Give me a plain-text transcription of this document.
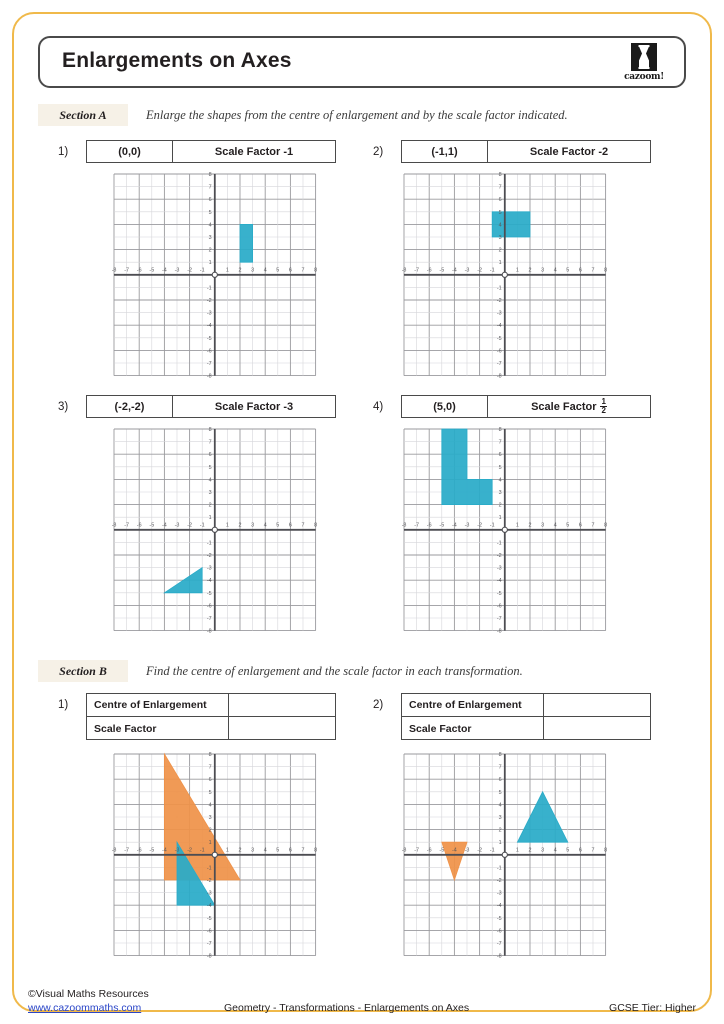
Enlargements on Axes
cazoom!
Section A	Enlarge the shapes from the centre of enlargement and by the scale factor indicated.
1)	(0,0)	Scale Factor -1
-8 -7 -6 -5 -4 -3 -2 -1	1 2 3 4 5 6 7 8
-8
-7
-6
-5
-4
-3
-2
-1
1
2
3
4
5
6
7
8
2)	(-1,1)	Scale Factor -2
-8 -7 -6 -5 -4 -3 -2 -1	1 2 3 4 5 6 7 8
-8
-7
-6
-5
-4
-3
-2
-1
1
2
3
4
5
6
7
8
3)	(-2,-2)	Scale Factor -3
-8 -7 -6 -5 -4 -3 -2 -1	1 2 3 4 5 6 7 8
-8
-7
-6
-5
-4
-3
-2
-1
1
2
3
4
5
6
7
8
4)	(5,0)	Scale Factor $\frac{1}{2}$
-8 -7 -6 -5 -4 -3 -2 -1	1 2 3 4 5 6 7 8
-8
-7
-6
-5
-4
-3
-2
-1
1
2
3
4
5
6
7
8
Section B	Find the centre of enlargement and the scale factor in each transformation.
1)	Centre of Enlargement
Scale Factor
-8 -7 -6 -5 -4 -3 -2 -1	1 2 3 4 5 6 7 8
-8
-7
-6
-5
-4
-3
-2
-1
1
2
3
4
5
6
7
8
2)	Centre of Enlargement
Scale Factor
-8 -7 -6 -5 -4 -3 -2 -1	1 2 3 4 5 6 7 8
-8
-7
-6
-5
-4
-3
-2
-1
1
2
3
4
5
6
7
8
©Visual Maths Resources
www.cazoommaths.com	Geometry - Transformations - Enlargements on Axes	GCSE Tier: Higher
